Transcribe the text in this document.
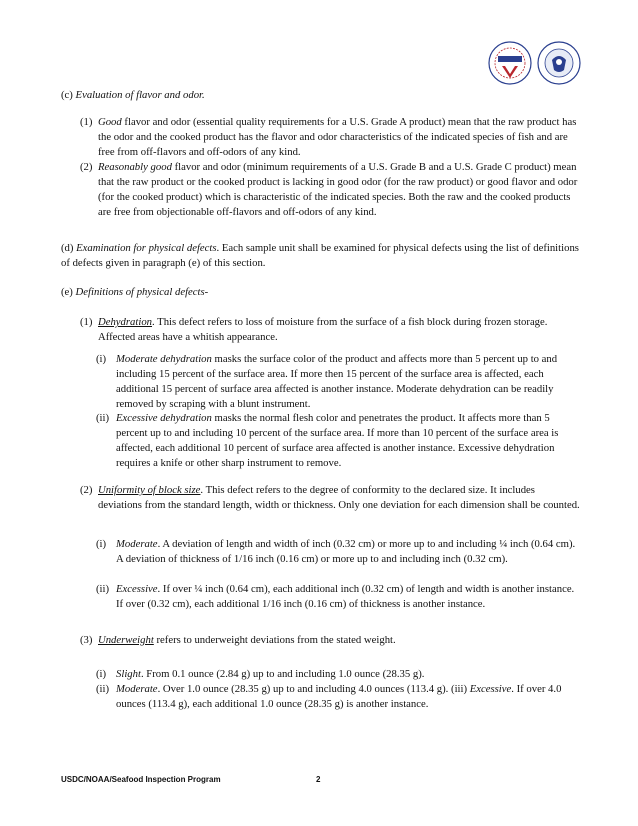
(c) Evaluation of flavor and odor.
(1) Good flavor and odor (essential quality requirements for a U.S. Grade A product) mean that the raw product has the odor and the cooked product has the flavor and odor characteristics of the indicated species of fish and are free from off-flavors and off-odors of any kind.
(2) Reasonably good flavor and odor (minimum requirements of a U.S. Grade B and a U.S. Grade C product) mean that the raw product or the cooked product is lacking in good odor (for the raw product) or good flavor and odor (for the cooked product) which is characteristic of the indicated species. Both the raw and the cooked products are free from objectionable off-flavors and off-odors of any kind.
(d) Examination for physical defects. Each sample unit shall be examined for physical defects using the list of definitions of defects given in paragraph (e) of this section.
(e) Definitions of physical defects-
(1) Dehydration. This defect refers to loss of moisture from the surface of a fish block during frozen storage. Affected areas have a whitish appearance.
(i) Moderate dehydration masks the surface color of the product and affects more than 5 percent up to and including 15 percent of the surface area. If more then 15 percent of the surface area is affected, each additional 15 percent of surface area affected is another instance. Moderate dehydration can be readily removed by scraping with a blunt instrument.
(ii) Excessive dehydration masks the normal flesh color and penetrates the product. It affects more than 5 percent up to and including 10 percent of the surface area. If more than 10 percent of the surface area is affected, each additional 10 percent of surface area affected is another instance. Excessive dehydration requires a knife or other sharp instrument to remove.
(2) Uniformity of block size. This defect refers to the degree of conformity to the declared size. It includes deviations from the standard length, width or thickness. Only one deviation for each dimension shall be counted.
(i) Moderate. A deviation of length and width of inch (0.32 cm) or more up to and including ¼ inch (0.64 cm). A deviation of thickness of 1/16 inch (0.16 cm) or more up to and including inch (0.32 cm).
(ii) Excessive. If over ¼ inch (0.64 cm), each additional inch (0.32 cm) of length and width is another instance. If over (0.32 cm), each additional 1/16 inch (0.16 cm) of thickness is another instance.
(3) Underweight refers to underweight deviations from the stated weight.
(i) Slight. From 0.1 ounce (2.84 g) up to and including 1.0 ounce (28.35 g).
(ii) Moderate. Over 1.0 ounce (28.35 g) up to and including 4.0 ounces (113.4 g). (iii) Excessive. If over 4.0 ounces (113.4 g), each additional 1.0 ounce (28.35 g) is another instance.
USDC/NOAA/Seafood Inspection Program	2
